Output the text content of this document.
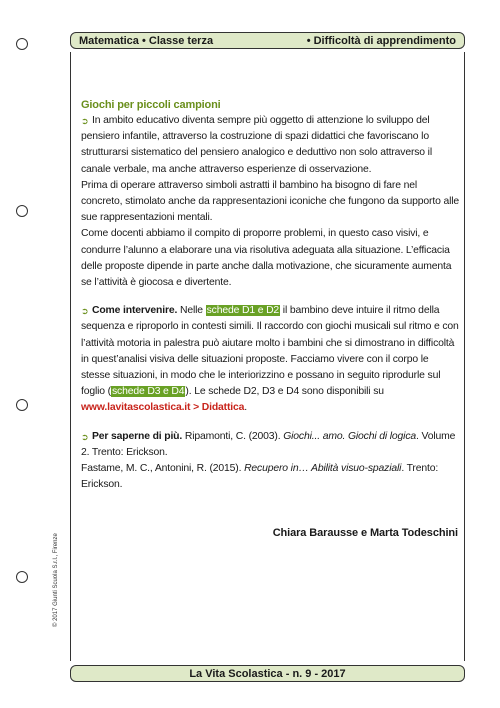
Matematica • Classe terza	• Difficoltà di apprendimento
Giochi per piccoli campioni

➲ In ambito educativo diventa sempre più oggetto di attenzione lo sviluppo del pensiero infantile, attraverso la costruzione di spazi didattici che favoriscano lo strutturarsi sistematico del pensiero analogico e deduttivo non solo attraverso il canale verbale, ma anche attraverso esperienze di osservazione.

Prima di operare attraverso simboli astratti il bambino ha bisogno di fare nel concreto, stimolato anche da rappresentazioni iconiche che fungono da supporto alle sue rappresentazioni mentali.

Come docenti abbiamo il compito di proporre problemi, in questo caso visivi, e condurre l’alunno a elaborare una via risolutiva adeguata alla situazione. L’efficacia delle proposte dipende in parte anche dalla motivazione, che sicuramente aumenta se l’attività è giocosa e divertente.

➲ Come intervenire. Nelle schede D1 e D2 il bambino deve intuire il ritmo della sequenza e riproporlo in contesti simili. Il raccordo con giochi musicali sul ritmo e con l’attività motoria in palestra può aiutare molto i bambini che si dimostrano in difficoltà in quest’analisi visiva delle situazioni proposte. Facciamo vivere con il corpo le stesse situazioni, in modo che le interiorizzino e possano in seguito riprodurle sul foglio (schede D3 e D4). Le schede D2, D3 e D4 sono disponibili su www.lavitascolastica.it > Didattica.

➲ Per saperne di più. Ripamonti, C. (2003). Giochi... amo. Giochi di logica. Volume 2. Trento: Erickson.

Fastame, M. C., Antonini, R. (2015). Recupero in… Abilità visuo-spaziali. Trento: Erickson.

Chiara Barausse e Marta Todeschini
© 2017 Giunti Scuola S.r.l., Firenze
La Vita Scolastica - n. 9 - 2017
